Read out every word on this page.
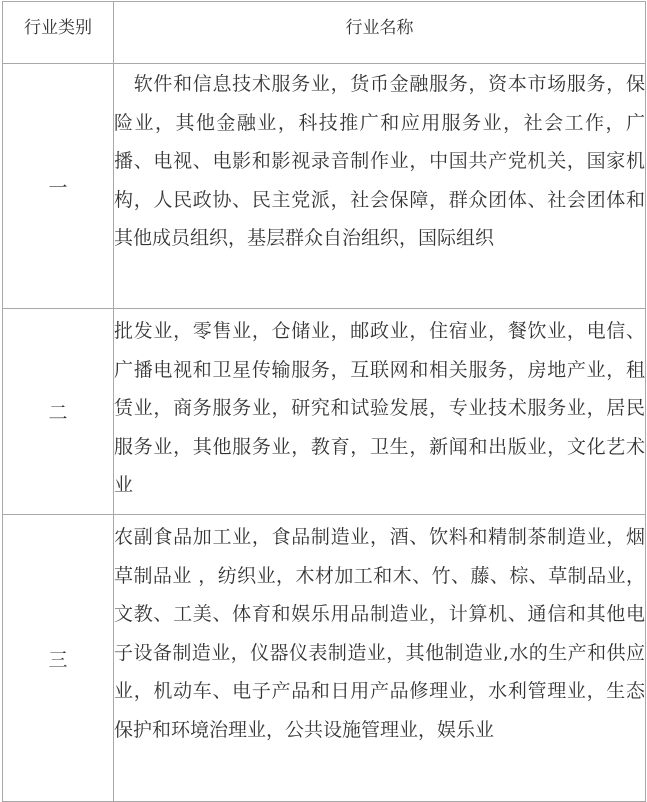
行业类别	行业名称
一	　软件和信息技术服务业，货币金融服务，资本市场服务，保险业，其他金融业，科技推广和应用服务业，社会工作，广播、电视、电影和影视录音制作业，中国共产党机关，国家机构，人民政协、民主党派，社会保障，群众团体、社会团体和其他成员组织，基层群众自治组织，国际组织

二	批发业，零售业，仓储业，邮政业，住宿业，餐饮业，电信、广播电视和卫星传输服务，互联网和相关服务，房地产业，租赁业，商务服务业，研究和试验发展，专业技术服务业，居民服务业，其他服务业，教育，卫生，新闻和出版业，文化艺术业

三	农副食品加工业，食品制造业，酒、饮料和精制茶制造业，烟草制品业 ，纺织业，木材加工和木、竹、藤、棕、草制品业，文教、工美、体育和娱乐用品制造业，计算机、通信和其他电子设备制造业，仪器仪表制造业，其他制造业,水的生产和供应业，机动车、电子产品和日用产品修理业，水利管理业，生态保护和环境治理业，公共设施管理业，娱乐业
